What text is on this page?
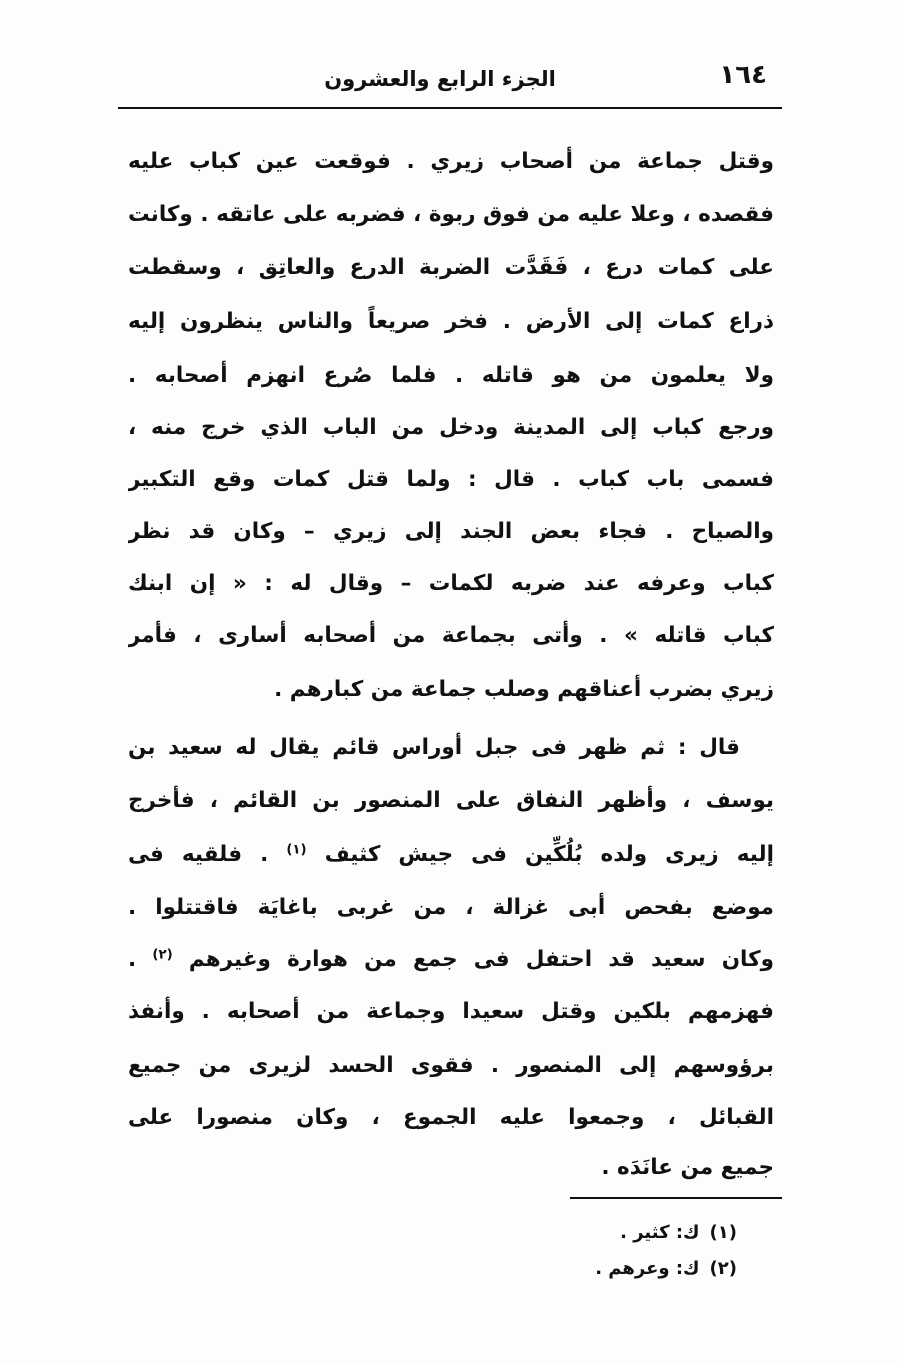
١٦٤
الجزء الرابع والعشرون
وقتل جماعة من أصحاب زيري . فوقعت عين كباب عليه
فقصده ، وعلا عليه من فوق ربوة ، فضربه على عاتقه . وكانت
على كمات درع ، فَقَدَّت الضربة الدرع والعاتِق ، وسقطت
ذراع كمات إلى الأرض . فخر صريعاً والناس ينظرون إليه
ولا يعلمون من هو قاتله . فلما صُرع انهزم أصحابه .
ورجع كباب إلى المدينة ودخل من الباب الذي خرج منه ،
فسمى باب كباب . قال : ولما قتل كمات وقع التكبير
والصياح . فجاء بعض الجند إلى زيري – وكان قد نظر
كباب وعرفه عند ضربه لكمات – وقال له : « إن ابنك
كباب قاتله » . وأتى بجماعة من أصحابه أسارى ، فأمر
زيري بضرب أعناقهم وصلب جماعة من كبارهم .
قال : ثم ظهر فى جبل أوراس قائم يقال له سعيد بن
يوسف ، وأظهر النفاق على المنصور بن القائم ، فأخرج
إليه زيرى ولده بُلُكِّين فى جيش كثيف $^{(١)}$ . فلقيه فى
موضع بفحص أبى غزالة ، من غربى باغايَة فاقتتلوا .
وكان سعيد قد احتفل فى جمع من هوارة وغيرهم $^{(٢)}$ .
فهزمهم بلكين وقتل سعيدا وجماعة من أصحابه . وأنفذ
برؤوسهم إلى المنصور . فقوى الحسد لزيرى من جميع
القبائل ، وجمعوا عليه الجموع ، وكان منصورا على
جميع من عانَدَه .
(١)ك: كثير .
(٢)ك: وعرهم .
